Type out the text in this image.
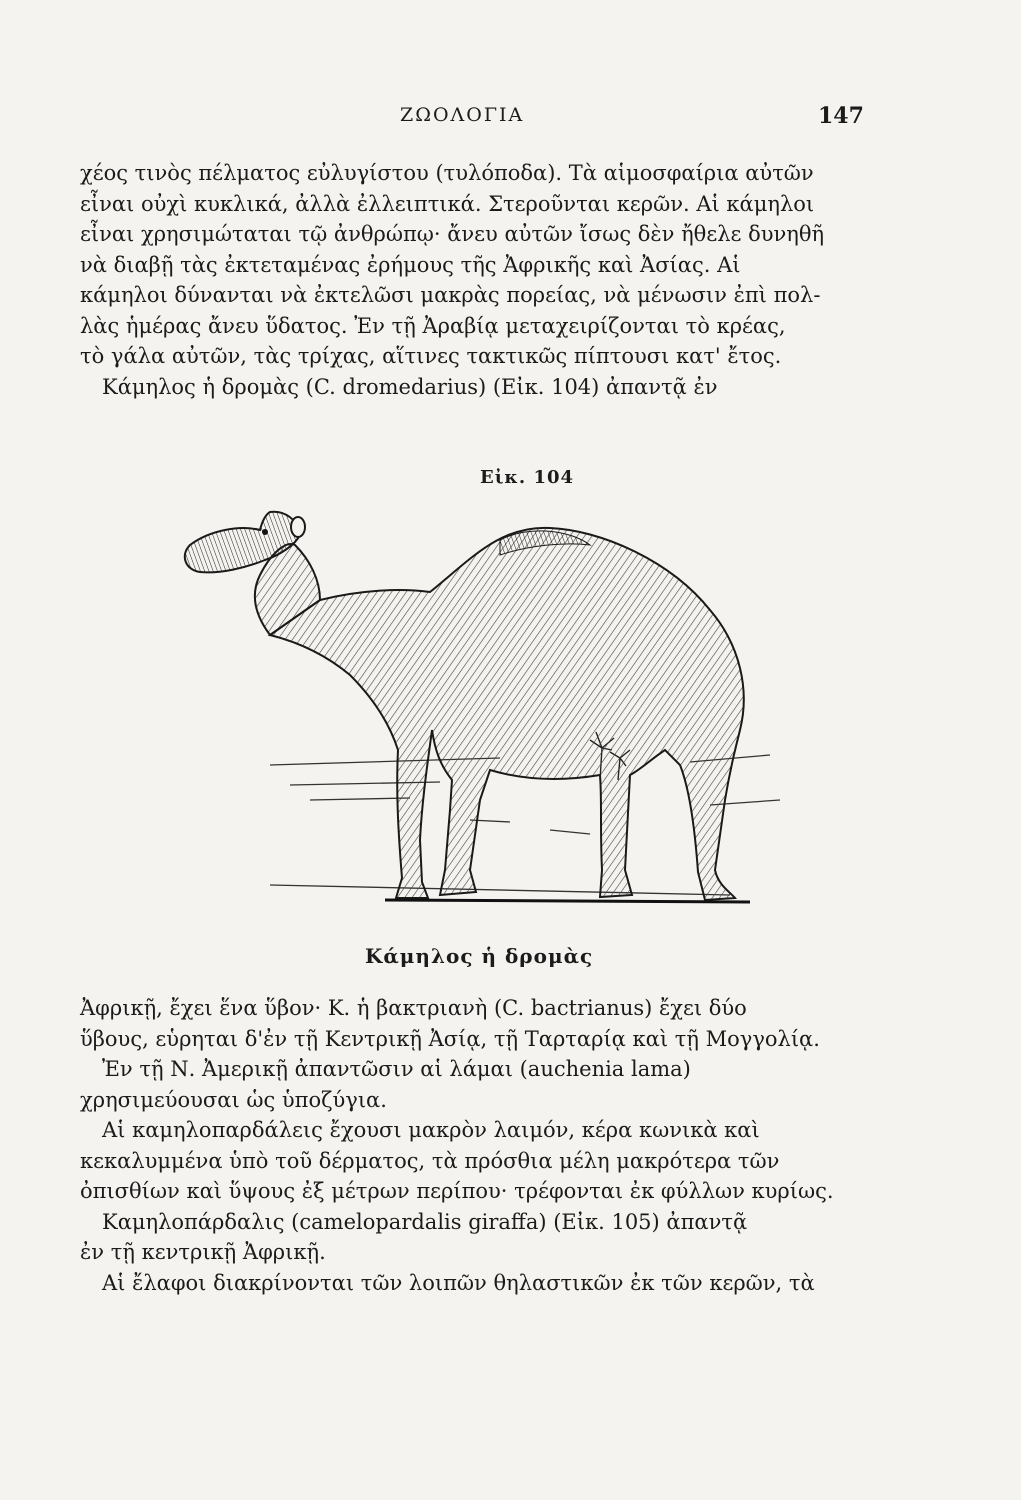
ΖΩΟΛΟΓΙΑ	147
χέος τινὸς πέλματος εὐλυγίστου (τυλόποδα). Τὰ αἱμοσφαίρια αὐτῶν
εἶναι οὐχὶ κυκλικά, ἀλλὰ ἐλλειπτικά. Στεροῦνται κερῶν. Αἱ κάμηλοι
εἶναι χρησιμώταται τῷ ἀνθρώπῳ· ἄνευ αὐτῶν ἴσως δὲν ἤθελε δυνηθῆ
νὰ διαβῇ τὰς ἐκτεταμένας ἐρήμους τῆς Ἀφρικῆς καὶ Ἀσίας. Αἱ
κάμηλοι δύνανται νὰ ἐκτελῶσι μακρὰς πορείας, νὰ μένωσιν ἐπὶ πολ-
λὰς ἡμέρας ἄνευ ὕδατος. Ἐν τῇ Ἀραβίᾳ μεταχειρίζονται τὸ κρέας,
τὸ γάλα αὐτῶν, τὰς τρίχας, αἵτινες τακτικῶς πίπτουσι κατ' ἔτος.
Κάμηλος ἡ δρομὰς (C. dromedarius) (Εἰκ. 104) ἀπαντᾷ ἐν
Εἰκ. 104
Κάμηλος ἡ δρομὰς
Ἀφρικῇ, ἔχει ἕνα ὕβον· Κ. ἡ βακτριανὴ (C. bactrianus) ἔχει δύο
ὕβους, εὑρηται δ'ἐν τῇ Κεντρικῇ Ἀσίᾳ, τῇ Ταρταρίᾳ καὶ τῇ Μογγολίᾳ.
Ἐν τῇ Ν. Ἀμερικῇ ἀπαντῶσιν αἱ λάμαι (auchenia lama)
χρησιμεύουσαι ὡς ὑποζύγια.
Αἱ καμηλοπαρδάλεις ἔχουσι μακρὸν λαιμόν, κέρα κωνικὰ καὶ
κεκαλυμμένα ὑπὸ τοῦ δέρματος, τὰ πρόσθια μέλη μακρότερα τῶν
ὀπισθίων καὶ ὕψους ἐξ μέτρων περίπου· τρέφονται ἐκ φύλλων κυρίως.
Καμηλοπάρδαλις (camelopardalis giraffa) (Εἰκ. 105) ἀπαντᾷ
ἐν τῇ κεντρικῇ Ἀφρικῇ.
Αἱ ἔλαφοι διακρίνονται τῶν λοιπῶν θηλαστικῶν ἐκ τῶν κερῶν, τὰ
